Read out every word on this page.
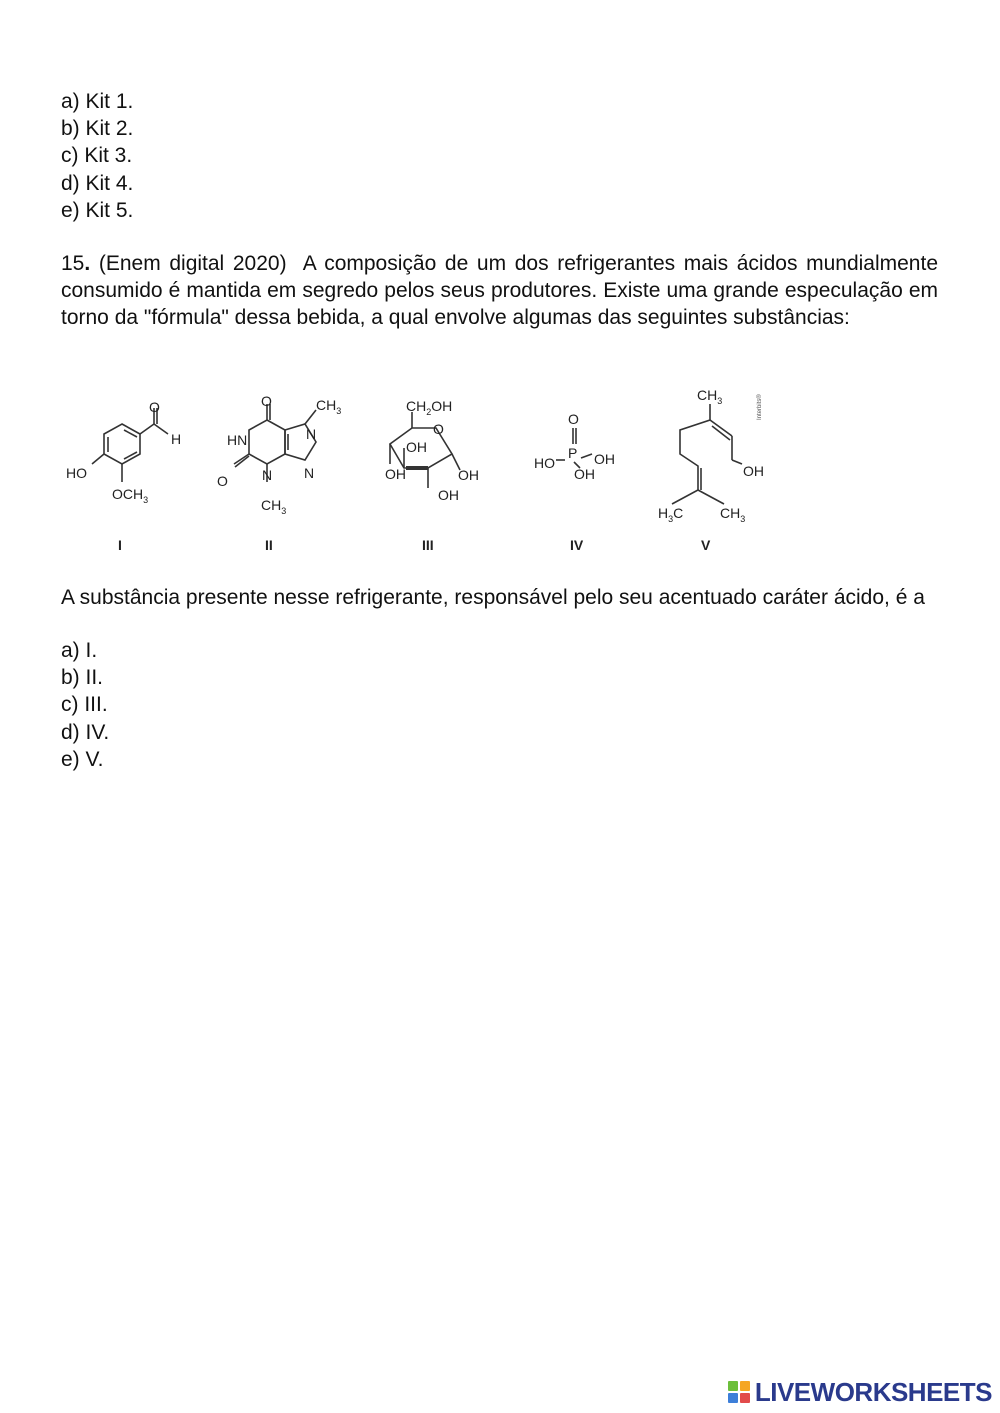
a) Kit 1.
b) Kit 2.
c) Kit 3.
d) Kit 4.
e) Kit 5.

15. (Enem digital 2020) A composição de um dos refrigerantes mais ácidos mundialmente consumido é mantida em segredo pelos seus produtores. Existe uma grande especulação em torno da "fórmula" dessa bebida, a qual envolve algumas das seguintes substâncias:

O
H
HO
$OCH_3$
O
HN
O N
$CH_3$
N
N
$CH_3$	$CH_2OH$
O
OH
OH	OH
OH
O
P
HO	OH
OH
$CH_3$
OH
$H_3C$	$CH_3$
Interbits®
I	II	III	IV	V

A substância presente nesse refrigerante, responsável pelo seu acentuado caráter ácido, é a

a) I.
b) II.
c) III.
d) IV.
e) V.
LIVEWORKSHEETS
